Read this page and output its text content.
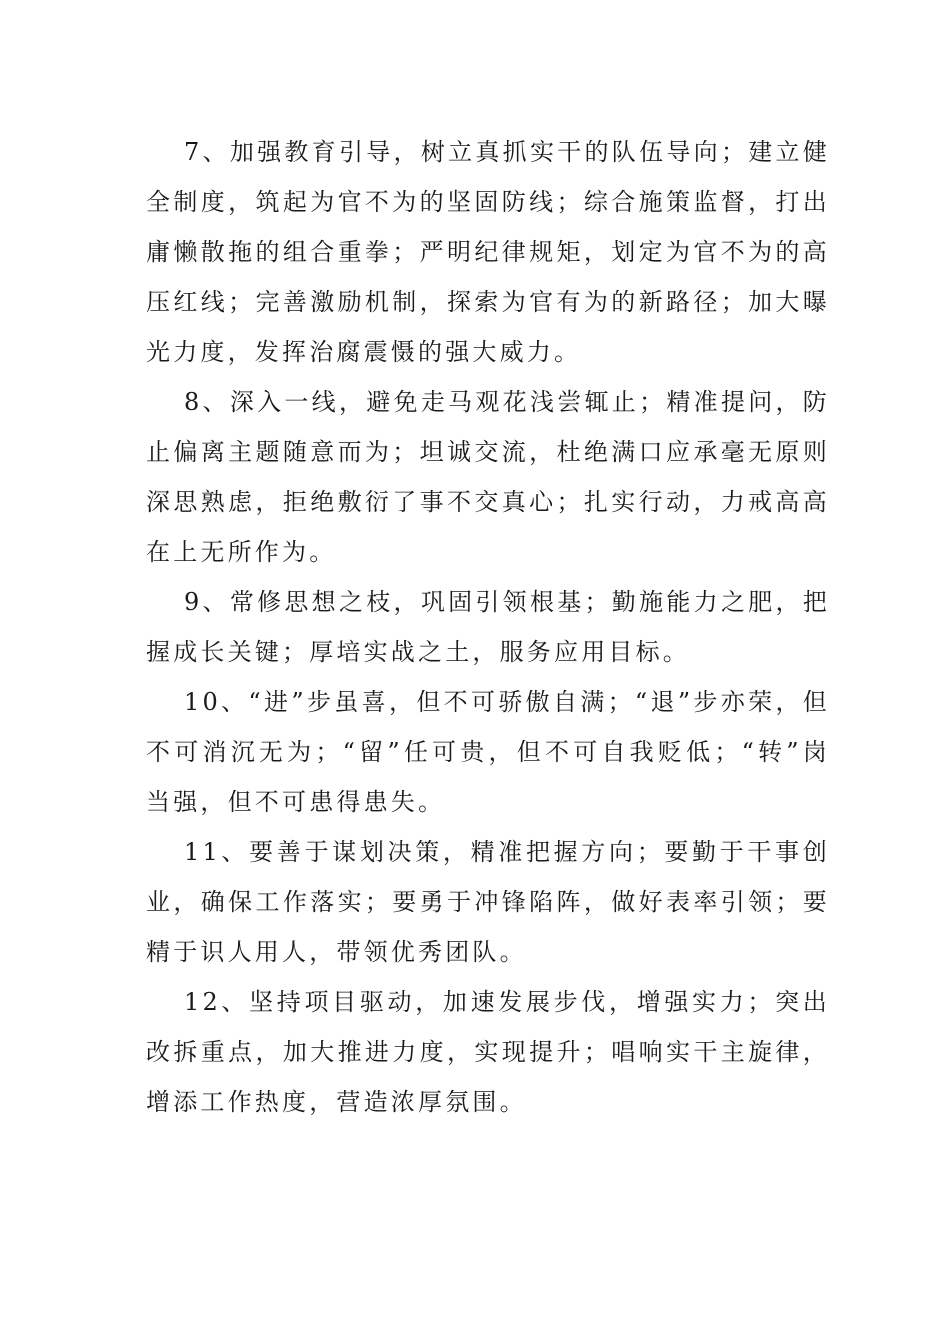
7、加强教育引导，树立真抓实干的队伍导向；建立健全制度，筑起为官不为的坚固防线；综合施策监督，打出庸懒散拖的组合重拳；严明纪律规矩，划定为官不为的高压红线；完善激励机制，探索为官有为的新路径；加大曝光力度，发挥治腐震慑的强大威力。

8、深入一线，避免走马观花浅尝辄止；精准提问，防止偏离主题随意而为；坦诚交流，杜绝满口应承毫无原则深思熟虑，拒绝敷衍了事不交真心；扎实行动，力戒高高在上无所作为。

9、常修思想之枝，巩固引领根基；勤施能力之肥，把握成长关键；厚培实战之土，服务应用目标。

10、“进”步虽喜，但不可骄傲自满；“退”步亦荣，但不可消沉无为；“留”任可贵，但不可自我贬低；“转”岗当强，但不可患得患失。

11、要善于谋划决策，精准把握方向；要勤于干事创业，确保工作落实；要勇于冲锋陷阵，做好表率引领；要精于识人用人，带领优秀团队。

12、坚持项目驱动，加速发展步伐，增强实力；突出改拆重点，加大推进力度，实现提升；唱响实干主旋律，增添工作热度，营造浓厚氛围。
